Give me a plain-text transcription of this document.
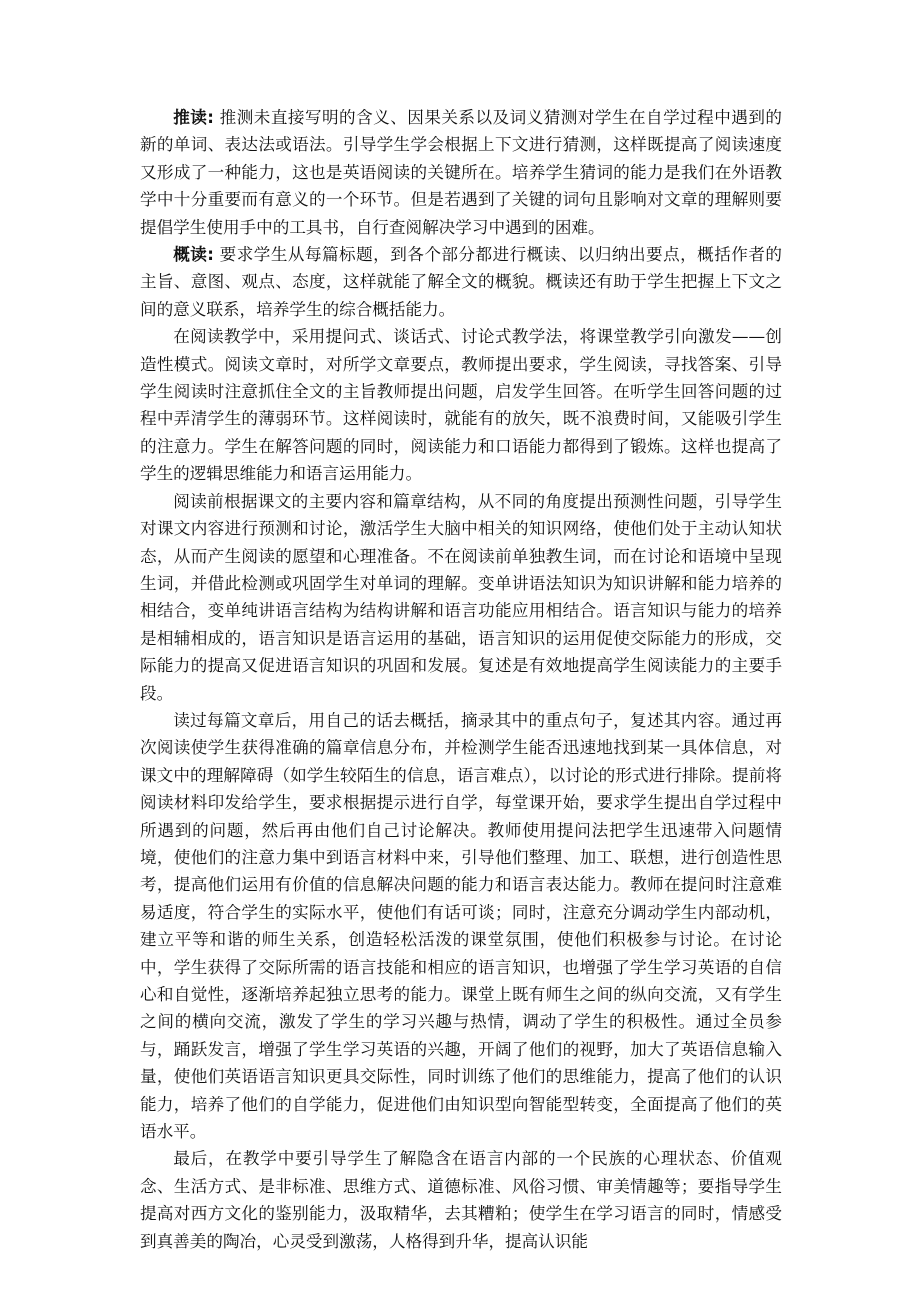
推读: 推测未直接写明的含义、因果关系以及词义猜测对学生在自学过程中遇到的新的单词、表达法或语法。引导学生学会根据上下文进行猜测，这样既提高了阅读速度又形成了一种能力，这也是英语阅读的关键所在。培养学生猜词的能力是我们在外语教学中十分重要而有意义的一个环节。但是若遇到了关键的词句且影响对文章的理解则要提倡学生使用手中的工具书，自行查阅解决学习中遇到的困难。

概读: 要求学生从每篇标题，到各个部分都进行概读、以归纳出要点，概括作者的主旨、意图、观点、态度，这样就能了解全文的概貌。概读还有助于学生把握上下文之间的意义联系，培养学生的综合概括能力。

在阅读教学中，采用提问式、谈话式、讨论式教学法，将课堂教学引向激发——创造性模式。阅读文章时，对所学文章要点，教师提出要求，学生阅读，寻找答案、引导学生阅读时注意抓住全文的主旨教师提出问题，启发学生回答。在听学生回答问题的过程中弄清学生的薄弱环节。这样阅读时，就能有的放矢，既不浪费时间，又能吸引学生的注意力。学生在解答问题的同时，阅读能力和口语能力都得到了锻炼。这样也提高了学生的逻辑思维能力和语言运用能力。

阅读前根据课文的主要内容和篇章结构，从不同的角度提出预测性问题，引导学生对课文内容进行预测和讨论，激活学生大脑中相关的知识网络，使他们处于主动认知状态，从而产生阅读的愿望和心理准备。不在阅读前单独教生词，而在讨论和语境中呈现生词，并借此检测或巩固学生对单词的理解。变单讲语法知识为知识讲解和能力培养的相结合，变单纯讲语言结构为结构讲解和语言功能应用相结合。语言知识与能力的培养是相辅相成的，语言知识是语言运用的基础，语言知识的运用促使交际能力的形成，交际能力的提高又促进语言知识的巩固和发展。复述是有效地提高学生阅读能力的主要手段。

读过每篇文章后，用自己的话去概括，摘录其中的重点句子，复述其内容。通过再次阅读使学生获得准确的篇章信息分布，并检测学生能否迅速地找到某一具体信息，对课文中的理解障碍（如学生较陌生的信息，语言难点），以讨论的形式进行排除。提前将阅读材料印发给学生，要求根据提示进行自学，每堂课开始，要求学生提出自学过程中所遇到的问题，然后再由他们自己讨论解决。教师使用提问法把学生迅速带入问题情境，使他们的注意力集中到语言材料中来，引导他们整理、加工、联想，进行创造性思考，提高他们运用有价值的信息解决问题的能力和语言表达能力。教师在提问时注意难易适度，符合学生的实际水平，使他们有话可谈；同时，注意充分调动学生内部动机，建立平等和谐的师生关系，创造轻松活泼的课堂氛围，使他们积极参与讨论。在讨论中，学生获得了交际所需的语言技能和相应的语言知识，也增强了学生学习英语的自信心和自觉性，逐渐培养起独立思考的能力。课堂上既有师生之间的纵向交流，又有学生之间的横向交流，激发了学生的学习兴趣与热情，调动了学生的积极性。通过全员参与，踊跃发言，增强了学生学习英语的兴趣，开阔了他们的视野，加大了英语信息输入量，使他们英语语言知识更具交际性，同时训练了他们的思维能力，提高了他们的认识能力，培养了他们的自学能力，促进他们由知识型向智能型转变，全面提高了他们的英语水平。

最后，在教学中要引导学生了解隐含在语言内部的一个民族的心理状态、价值观念、生活方式、是非标准、思维方式、道德标准、风俗习惯、审美情趣等；要指导学生提高对西方文化的鉴别能力，汲取精华，去其糟粕；使学生在学习语言的同时，情感受到真善美的陶冶，心灵受到激荡，人格得到升华，提高认识能
